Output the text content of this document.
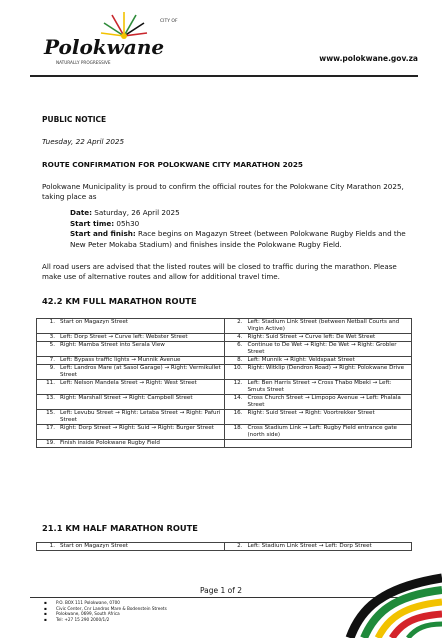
CITY OF
Polokwane
NATURALLY PROGRESSIVE	www.polokwane.gov.za
PUBLIC NOTICE
Tuesday, 22 April 2025
ROUTE CONFIRMATION FOR POLOKWANE CITY MARATHON 2025
Polokwane Municipality is proud to confirm the official routes for the Polokwane City Marathon 2025, taking place as
Date: Saturday, 26 April 2025
Start time: 05h30
Start and finish: Race begins on Magazyn Street (between Polokwane Rugby Fields and the New Peter Mokaba Stadium) and finishes inside the Polokwane Rugby Field.
All road users are advised that the listed routes will be closed to traffic during the marathon. Please make use of alternative routes and allow for additional travel time.
42.2 KM FULL MARATHON ROUTE
1.	Start on Magazyn Street	2.	Left: Stadium Link Street (between Netball Courts and Virgin Active)
3.	Left: Dorp Street → Curve left: Webster Street	4.	Right: Suid Street → Curve left: De Wet Street
5.	Right: Mamba Street into Serala View	6.	Continue to De Wet → Right: De Wet → Right: Grobler Street
7.	Left: Bypass traffic lights → Munnik Avenue	8.	Left: Munnik → Right: Veldspaat Street
9.	Left: Landros Mare (at Sasol Garage) → Right: Vermikullet Street	10.	Right: Witklip (Dendron Road) → Right: Polokwane Drive
11.	Left: Nelson Mandela Street → Right: West Street	12.	Left: Ben Harris Street → Cross Thabo Mbeki → Left: Smuts Street
13.	Right: Marshall Street → Right: Campbell Street	14.	Cross Church Street → Limpopo Avenue → Left: Phalala Street
15.	Left: Levubu Street → Right: Letaba Street → Right: Pafuri Street	16.	Right: Suid Street → Right: Voortrekker Street
17.	Right: Dorp Street → Right: Suid → Right: Burger Street	18.	Cross Stadium Link → Left: Rugby Field entrance gate (north side)
19.	Finish inside Polokwane Rugby Field		
21.1 KM HALF MARATHON ROUTE
1.	Start on Magazyn Street	2.	Left: Stadium Link Street → Left: Dorp Street
Page 1 of 2
▪ P.O. BOX 111 Polokwane, 0700
▪ Civic Center, Cnr Landros Mare & Bodenstein Streets
▪ Polokwane, 0699, South Africa
▪ Tel: +27 15 290 2000/1/2
